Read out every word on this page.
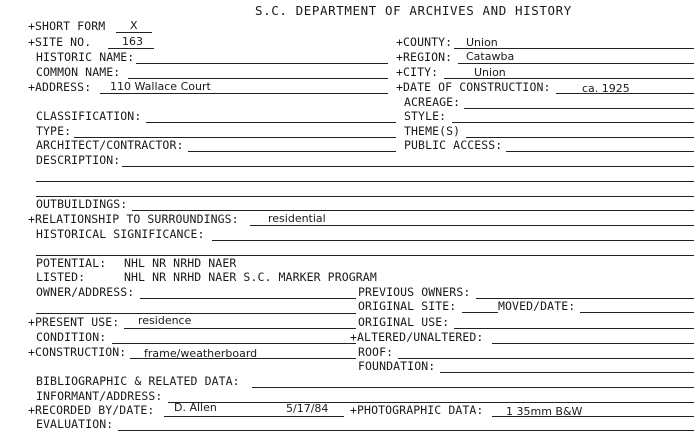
S.C. DEPARTMENT OF ARCHIVES AND HISTORY
+SHORT FORM X
+SITE NO.	163
HISTORIC NAME:
COMMON NAME:
+ADDRESS: 110 Wallace Court
CLASSIFICATION:
TYPE:
ARCHITECT/CONTRACTOR:
DESCRIPTION:
OUTBUILDINGS:
+RELATIONSHIP TO SURROUNDINGS:	residential
HISTORICAL SIGNIFICANCE:
POTENTIAL: NHL NR NRHD NAER
LISTED:	NHL NR NRHD NAER S.C. MARKER PROGRAM
OWNER/ADDRESS:
+PRESENT USE: residence
CONDITION:
+CONSTRUCTION: frame/weatherboard
BIBLIOGRAPHIC & RELATED DATA:
INFORMANT/ADDRESS:
+RECORDED BY/DATE: D. Allen	5/17/84
EVALUATION:
+COUNTY: Union
+REGION: Catawba
+CITY:	Union
+DATE OF CONSTRUCTION:	ca. 1925
ACREAGE:
STYLE:
THEME(S)
PUBLIC ACCESS:
PREVIOUS OWNERS:
ORIGINAL SITE:	MOVED/DATE:
ORIGINAL USE:
+ALTERED/UNALTERED:
ROOF:
FOUNDATION:
+PHOTOGRAPHIC DATA: 1 35mm B&W
